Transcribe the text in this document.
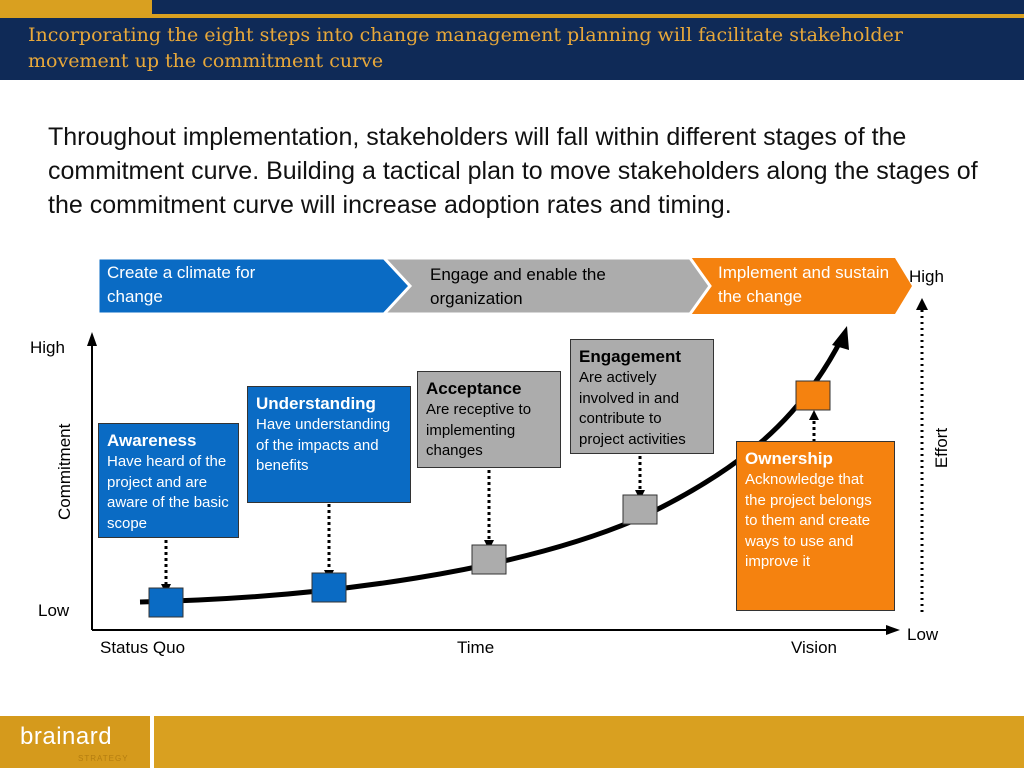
Incorporating the eight steps into change management planning will facilitate stakeholder movement up the commitment curve
Throughout implementation, stakeholders will fall within different stages of the commitment curve. Building a tactical plan to move stakeholders along the stages of the commitment curve will increase adoption rates and timing.
Create a climate for change
Engage and enable the organization
Implement and sustain the change
High
Low
Commitment
Status Quo	Time	Vision
High
Low
Effort
Awareness
Have heard of the project and are aware of the basic scope
Understanding
Have understanding of the impacts and benefits
Acceptance
Are receptive to implementing changes
Engagement
Are actively involved in and contribute to project activities
Ownership
Acknowledge that the project belongs to them and create ways to use and improve it
brainard
STRATEGY
